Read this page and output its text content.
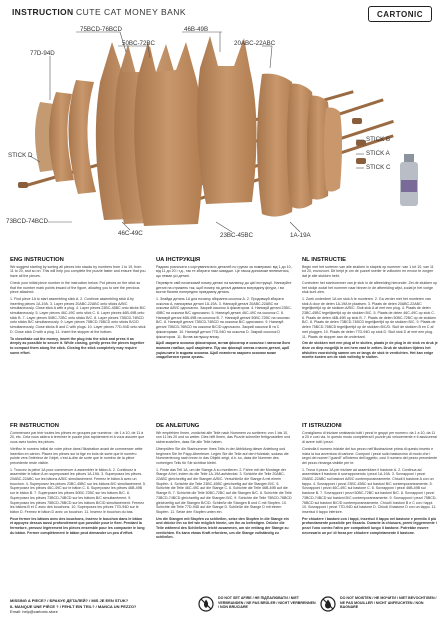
INSTRUCTION CUTE CAT MONEY BANK	CARTONIC
75BCD-76BCD
50BC-72BC
46B-49B
20ABC-22ABC
77D-94D
STICK B
STICK A
STICK C
STICK D
73BCD-74BCD
46C-49C	23BC-45BC	1A-19A
ENG INSTRUCTION

We suggest starting by sorting all pieces into stacks by numbers from 1 to 19, from 11 to 20, and so on. This will help you complete the puzzle faster and ensure that you have all the pieces.

Check your initial piece number in the instruction below. Put pieces on the stick so that the number mark points inward of the figure, allowing you to see the previous piece attached.

1. Find piece 1A to start assembling stick A. 2. Continue assembling stick A by inserting pieces 1A-19A. 3. Layer pieces 20ABC-22ABC onto sticks A/B/C simultaneously. Close stick A with a plug. 4. Layer pieces 23BC-45BC onto sticks B/C simultaneously. 5. Layer pieces 46C-49C onto stick C. 6. Layer pieces 46B-49B onto stick B. 7. Layer pieces 50BC-72BC onto sticks B/C. 8. Layer pieces 73BCD-74BCD onto sticks B/C simultaneously. 9. Layer pieces 75BCD-76BCD onto sticks B/C/D simultaneously. Close sticks B and C with plugs. 10. Layer pieces 77D-94D onto stick D. Close stick D with a plug. 11. Insert the stopper at the bottom.

To close/take out the money, insert the plug into the stick and press it as deeply as possible to secure it. While closing, gently press the pieces together to compact them along the stick. Closing the stick completely may require some effort.

UA ІНСТРУКЦІЯ

Радимо розпочати з сортування всіх деталей по групах за номерами: від 1 до 10, від 11 до 20 і т.д., так те збирати пазл швидше. Це також допоможе впевнитися, що немає усі деталі.

Перевірте свій початковий номер деталі на малюнку до цієї інструкції. Нанизуйте деталі на стрижень так, щоб номер на деталі дивився всередину фігури, і ви могли бачити попередню приєднану деталь.

1. Знайди деталь 1A для початку збирання осколок A. 2. Продовжуй збирати осколок A, нанизуючи деталі 1A-19A. 3. Нанизуй деталі 20ABC-22ABC на осколки A/B/C одночасно. Закрий осколок A фіксатором. 4. Нанизуй деталі 23BC-45BC на осколки B/C одночасно. 5. Нанизуй деталі 46C-49C на осколок C. 6. Нанизуй деталі 46B-49B на осколок B. 7. Нанизуй деталі 50BC-72BC на осколки B/C. 8. Нанизуй деталі 73BCD-74BCD на осколки B/C одночасно. 9. Нанизуй деталі 75BCD-76BCD на осколки B/C/D одночасно. Закрий осколки B та C фіксаторами. 10. Нанизуй деталі 77D-94D на осколок D. Закрий осколок D фіксатором. 11. Встав заглушку внизу.

Щоб закрити осколок фіксатором, встав фіксатор в осколок і натисни його якомога глибше, щоб закріпити. Під час фіксації злегка стисни деталі, щоб ущільнити їх вздовж осколка. Щоб повністю закрити осколок може знадобитися трохи зусиль.

NL INSTRUCTIE

Begin met het sorteren van alle stukken in stapels op nummer: van 1 tot 10, van 11 tot 20, enzovoort. Dit helpt je om de puzzel sneller te voltooien en ervoor te zorgen dat je alle stukken hebt.

Controleer het startnummer van je stuk in de afbeelding hieronder. Zet de stukken op het stokje zodat het nummer naar binnen in de afbeelding wijst, zodat je het vorige stuk kunt zien.

1. Zoek onderdeel 1A om stok A te monteren. 2. Ga verder met het monteren van stok A door de delen 1A-19A te plaatsen. 3. Plaats de delen 20ABC-22ABC tegelijkertijd op de stokken A/B/C. Sluit stok A af met een plug. 4. Plaats de delen 23BC-45BC tegelijkertijd op de stokken B/C. 5. Plaats de delen 46C-49C op stok C. 6. Plaats de delen 46B-49B op stok B. 7. Plaats de delen 50BC-72BC op de stokken B/C. 8. Plaats de delen 73BCD-74BCD tegelijkertijd op de stokken B/C. 9. Plaats de delen 75BCD-76BCD tegelijkertijd op de stokken B/C/D. Sluit de stokken B en C af met pluggen. 10. Plaats de delen 77D-94D op stok D. Sluit stok D af met een plug. 11. Plaats de stopper aan de onderkant.

Om de stokken met een plug af te sluiten, plaats je de plug in de stok en druk je deze zo diep mogelijk in om hem vast te zetten. Druk de stukken tijdens het afsluiten voorzichtig samen om ze langs de stok te verdichten. Het kan enige moeite kosten om de stok volledig te sluiten.

FR INSTRUCTION

Commencez par trier toutes les pièces en groupes par numéros : de 1 à 10, de 11 à 20, etc. Cela vous aidera à terminer le puzzle plus rapidement et à vous assurer que vous avez toutes les pièces.

Vérifiez le numéro initial de votre pièce dans l'illustration avant de commencer cette insertion en carton. Placez les pièces sur la tige en bois de sorte que le numéro pointe vers l'intérieur de l'objet, c'est-à-dire de sorte que le numéro de la pièce précédente reste visible.

1. Trouvez la pièce 1A pour commencer à assembler le bâton A. 2. Continuez à assembler le bâton A en superposant les pièces 1A-19A. 3. Superposez les pièces 20ABC-22ABC sur les bâtons A/B/C simultanément. Fermez le bâton A avec un bouchon. 4. Superposez les pièces 23BC-45BC sur les bâtons B/C simultanément. 5. Superposez les pièces 46C-49C sur le bâton C. 6. Superposez les pièces 46B-49B sur le bâton B. 7. Superposez les pièces 50BC-72BC sur les bâtons B/C. 8. Superposez les pièces 73BCD-74BCD sur les bâtons B/C simultanément. 9. Superposez les pièces 75BCD-76BCD sur les bâtons B/C/D simultanément. Fermez les bâtons B et C avec des bouchons. 10. Superposez les pièces 77D-94D sur le bâton D. Fermez le bâton D avec un bouchon. 11. Insérez le bouchon du bas.

Pour fermer les bâtons avec des bouchons, insérez le bouchon dans le bâton et appuyez dessus aussi profondément que possible pour le fixer. Pendant la fermeture, pressez légèrement les pièces ensemble pour les compacter le long du bâton. Fermer complètement le bâton peut demander un peu d'effort.

DE ANLEITUNG

Wir empfehlen Ihnen, zunächst alle Teile nach Nummern zu sortieren: von 1 bis 10, von 11 bis 20 und so weiter. Dies hilft Ihnen, das Puzzle schneller fertigzustellen und sicherzustellen, dass Sie alle Teile haben.

Überprüfen Sie die Startnummer Ihres Teils in der Abbildung dieser Anleitung und beginnen Sie Ihr Papp-Abenteuer. Legen Sie die Teile auf den Holzstab, sodass die Nummerierung nach innen in das Objekt zeigt, d.h. so, dass die Nummer des vorherigen Teils für Sie sichtbar bleibt.

1. Finde das Teil 1A, um die Stange A zu montieren. 2. Fahre mit der Montage der Stange A fort, indem du die Teile 1A-19A aufsteckst. 3. Schichte die Teile 20ABC-22ABC gleichzeitig auf die Stangen A/B/C. Verschließe die Stange A mit einem Stopfen. 4. Schichte die Teile 23BC-45BC gleichzeitig auf die Stangen B/C. 5. Schichte die Teile 46C-49C auf die Stange C. 6. Schichte die Teile 46B-49B auf die Stange B. 7. Schichte die Teile 50BC-72BC auf die Stangen B/C. 8. Schichte die Teile 73BCD-74BCD gleichzeitig auf die Stangen B/C. 9. Schichte die Teile 75BCD-76BCD gleichzeitig auf die Stangen B/C/D. Schließe die Stangen B und C mit Stopfen. 10. Schichte die Teile 77D-94D auf die Stange D. Schließe die Stange D mit einem Stopfen. 11. Setze den Stopfen unten ein.

Um die Stangen mit Stopfen zu schließen, setze den Stopfen in die Stange ein und drücke ihn so tief wie möglich hinein, um ihn zu befestigen. Drücke die Teile während des Schließens leicht zusammen, um sie entlang der Stange zu verdichten. Es kann etwas Kraft erfordern, um die Stange vollständig zu schließen.

IT ISTRUZIONI

Consigliamo di iniziare smistando tutti i pezzi in gruppi per numero: da 1 a 10, da 11 a 20 e così via. In questo modo completerai il puzzle più velocemente e ti assicurerai di avere tutti i pezzi.

Controlla il numero iniziale del tuo pezzo nell'illustrazione prima di questo inserto e inizia la tua avventura di cartone. Componi i pezzi sullo bastoncino di modo che i segni dei numeri "guardi" all'interno dell'oggetto, così il numero del pezzo precedente del pezzo rimanga visibile per te.

1. Trova il pezzo 1A per iniziare ad assemblare il bastone A. 2. Continua ad assemblare il bastone A sovrapponendo i pezzi 1A-19A. 3. Sovrapponi i pezzi 20ABC-22ABC sui bastoni A/B/C contemporaneamente. Chiudi il bastone A con un tappo. 4. Sovrapponi i pezzi 23BC-45BC sui bastoni B/C contemporaneamente. 5. Sovrapponi i pezzi 46C-49C sul bastone C. 6. Sovrapponi i pezzi 46B-49B sul bastone B. 7. Sovrapponi i pezzi 50BC-72BC sui bastoni B/C. 8. Sovrapponi i pezzi 73BCD-74BCD sui bastoni B/C contemporaneamente. 9. Sovrapponi i pezzi 75BCD-76BCD sui bastoni B/C/D contemporaneamente. Chiudi i bastoni B e C con i tappi. 10. Sovrapponi i pezzi 77D-94D sul bastone D. Chiudi il bastone D con un tappo. 11. Inserisci il tappo inferiore.

Per chiudere i bastoni con i tappi, inserisci il tappo nel bastone e premilo il più profondamente possibile per fissarlo. Durante la chiusura, premi leggermente i pezzi l'uno contro l'altro per compattarli lungo il bastone. Potrebbe essere necessario un po' di forza per chiudere completamente il bastone.

MISSING A PIECE? / БРАКУЄ ДЕТАЛЕЙ? / MIS JE EEN STUK?
IL MANQUE UNE PIÈCE ? / FEHLT EIN TEIL? / MANCA UN PEZZO?
Email: help@cartonic.store
DO NOT SET AFIRE / НЕ ПІДПАЛЮВАТИ / NIET VERBRANDEN / NE PAS BRÛLER / NICHT VERBRENNEN / NON BRUCIARE
DO NOT MOISTEN / НЕ МОЧИТИ / NIET BEVOCHTIGEN / NE PAS MOUILLER / NICHT ANFEUCHTEN / NON BAGNARE
